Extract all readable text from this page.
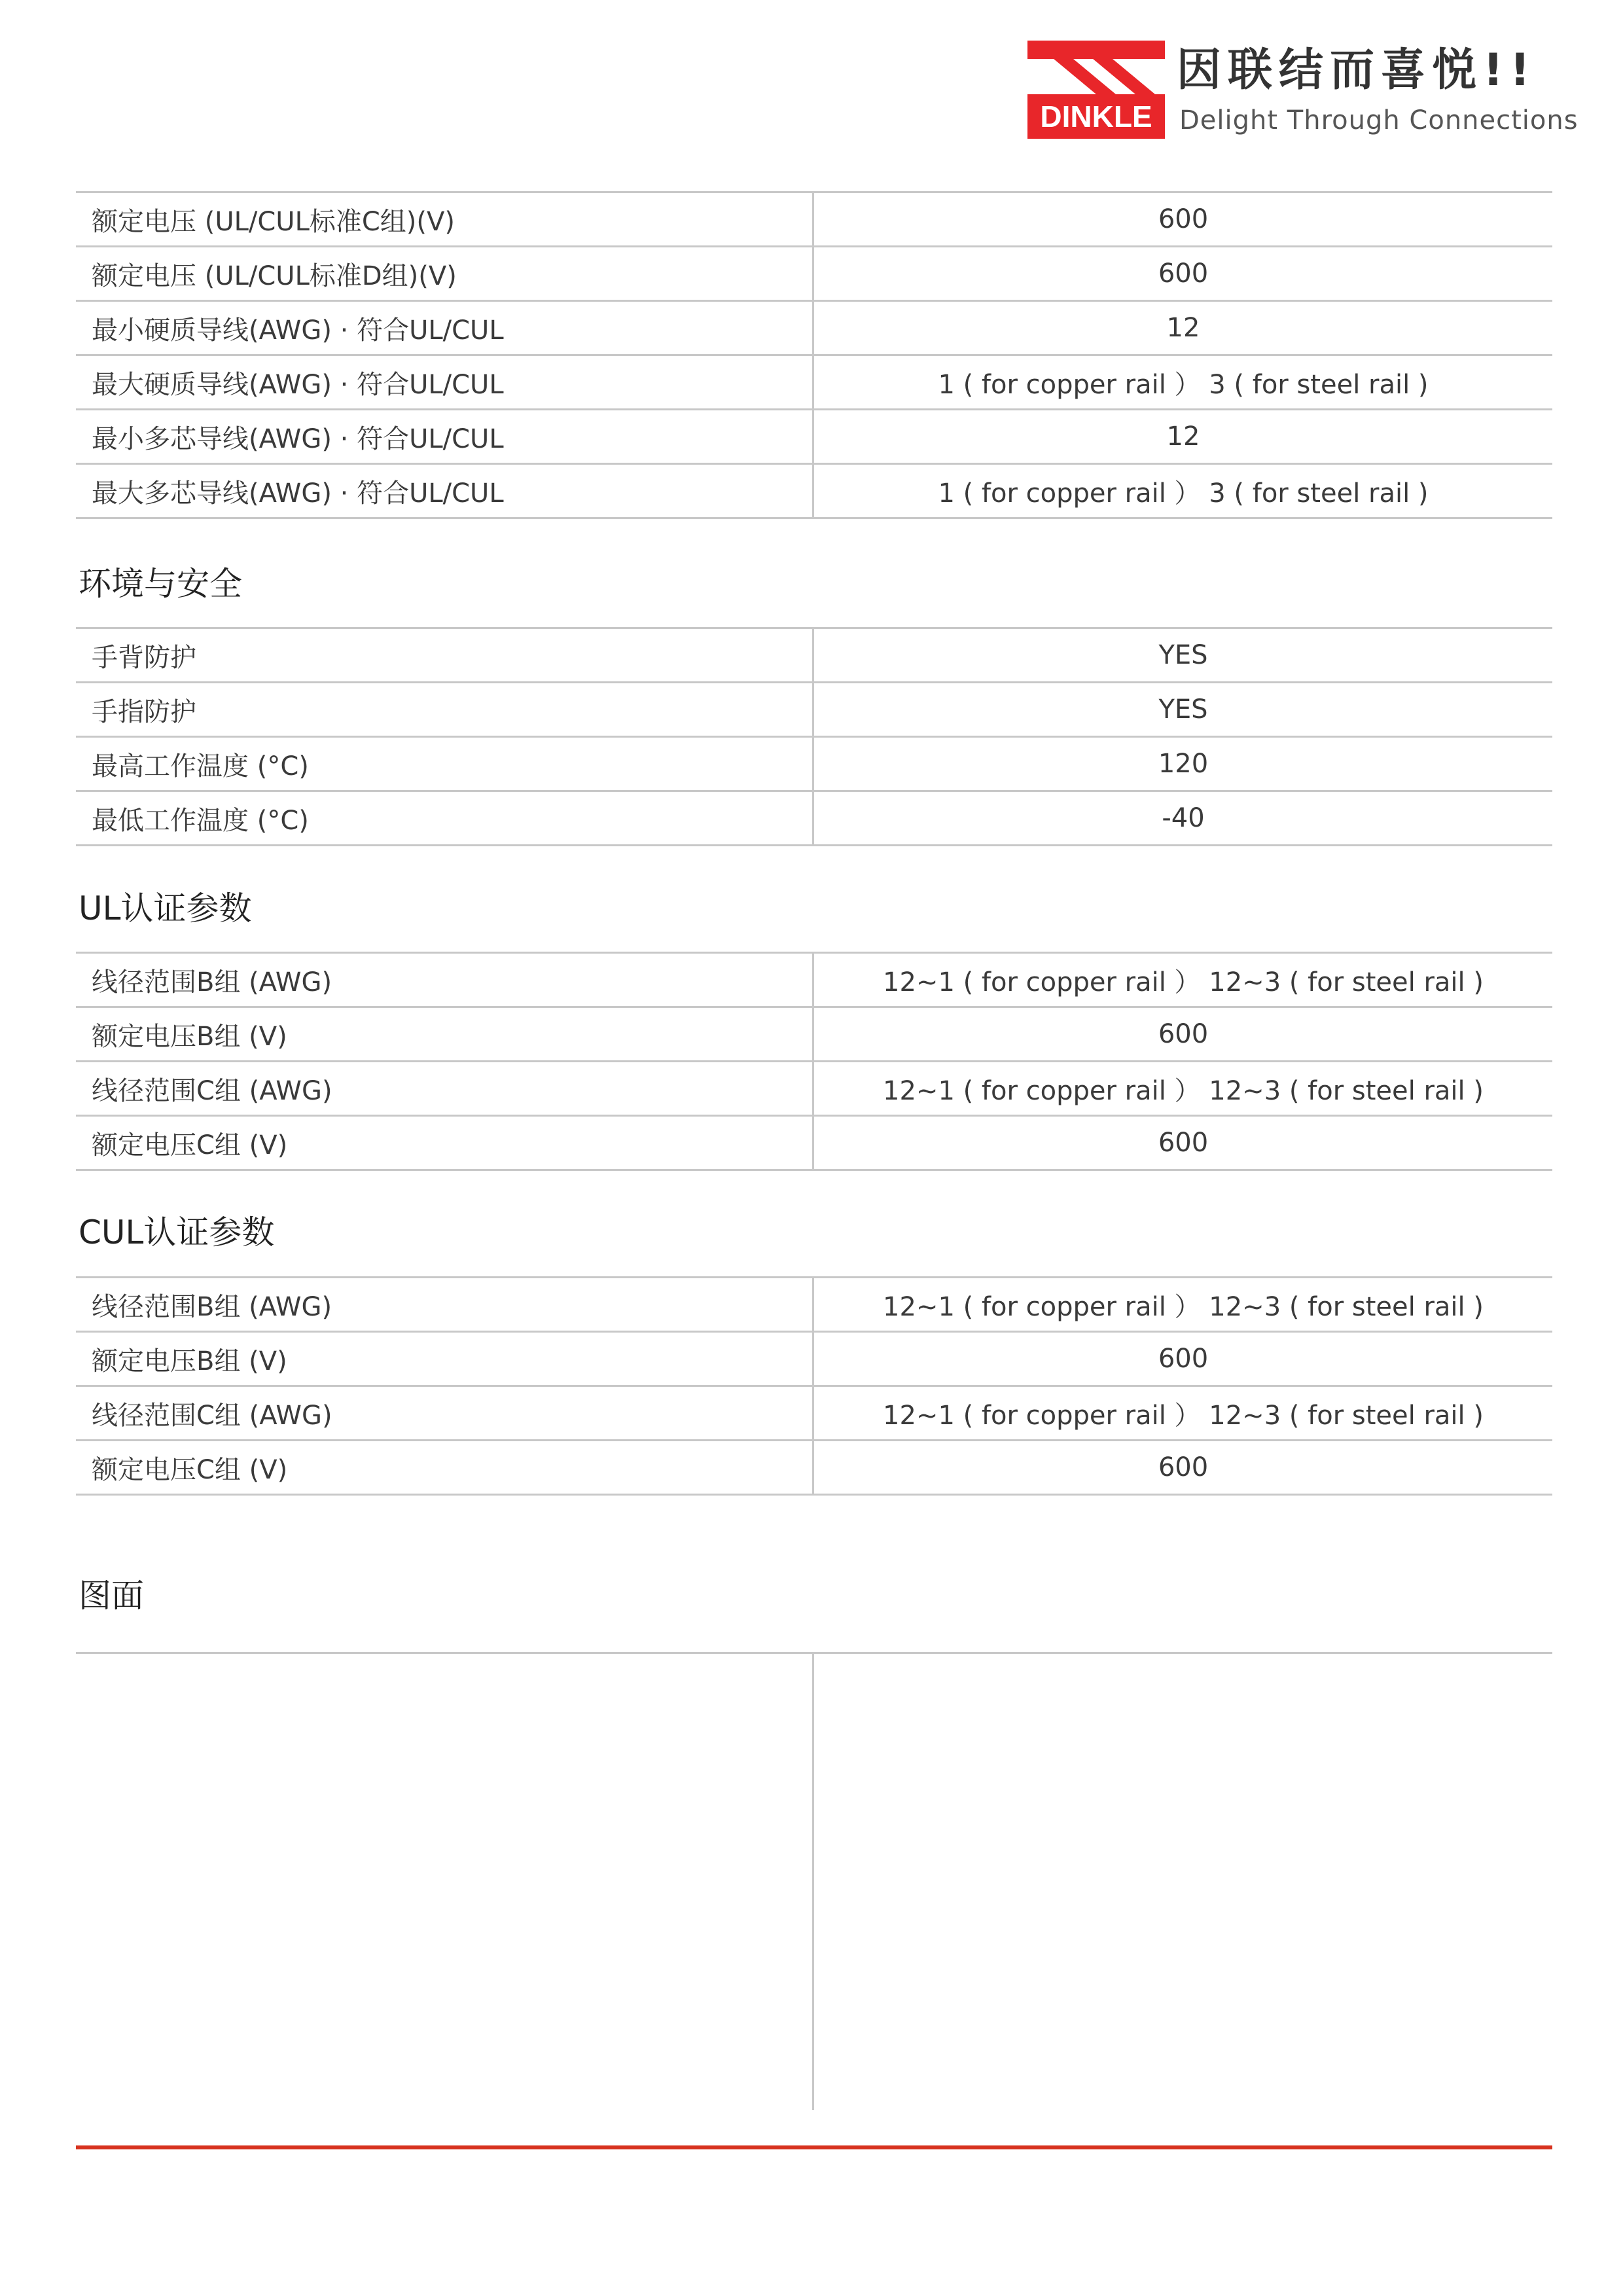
DINKLE
因联结而喜悦!!
Delight Through Connections
额定电压 (UL/CUL标准C组)(V)	600
额定电压 (UL/CUL标准D组)(V)	600
最小硬质导线(AWG) · 符合UL/CUL	12
最大硬质导线(AWG) · 符合UL/CUL	1 ( for copper rail ） 3 ( for steel rail )
最小多芯导线(AWG) · 符合UL/CUL	12
最大多芯导线(AWG) · 符合UL/CUL	1 ( for copper rail ） 3 ( for steel rail )
环境与安全
手背防护	YES
手指防护	YES
最高工作温度 (°C)	120
最低工作温度 (°C)	-40
UL认证参数
线径范围B组 (AWG)	12~1 ( for copper rail ） 12~3 ( for steel rail )
额定电压B组 (V)	600
线径范围C组 (AWG)	12~1 ( for copper rail ） 12~3 ( for steel rail )
额定电压C组 (V)	600
CUL认证参数
线径范围B组 (AWG)	12~1 ( for copper rail ） 12~3 ( for steel rail )
额定电压B组 (V)	600
线径范围C组 (AWG)	12~1 ( for copper rail ） 12~3 ( for steel rail )
额定电压C组 (V)	600
图面
